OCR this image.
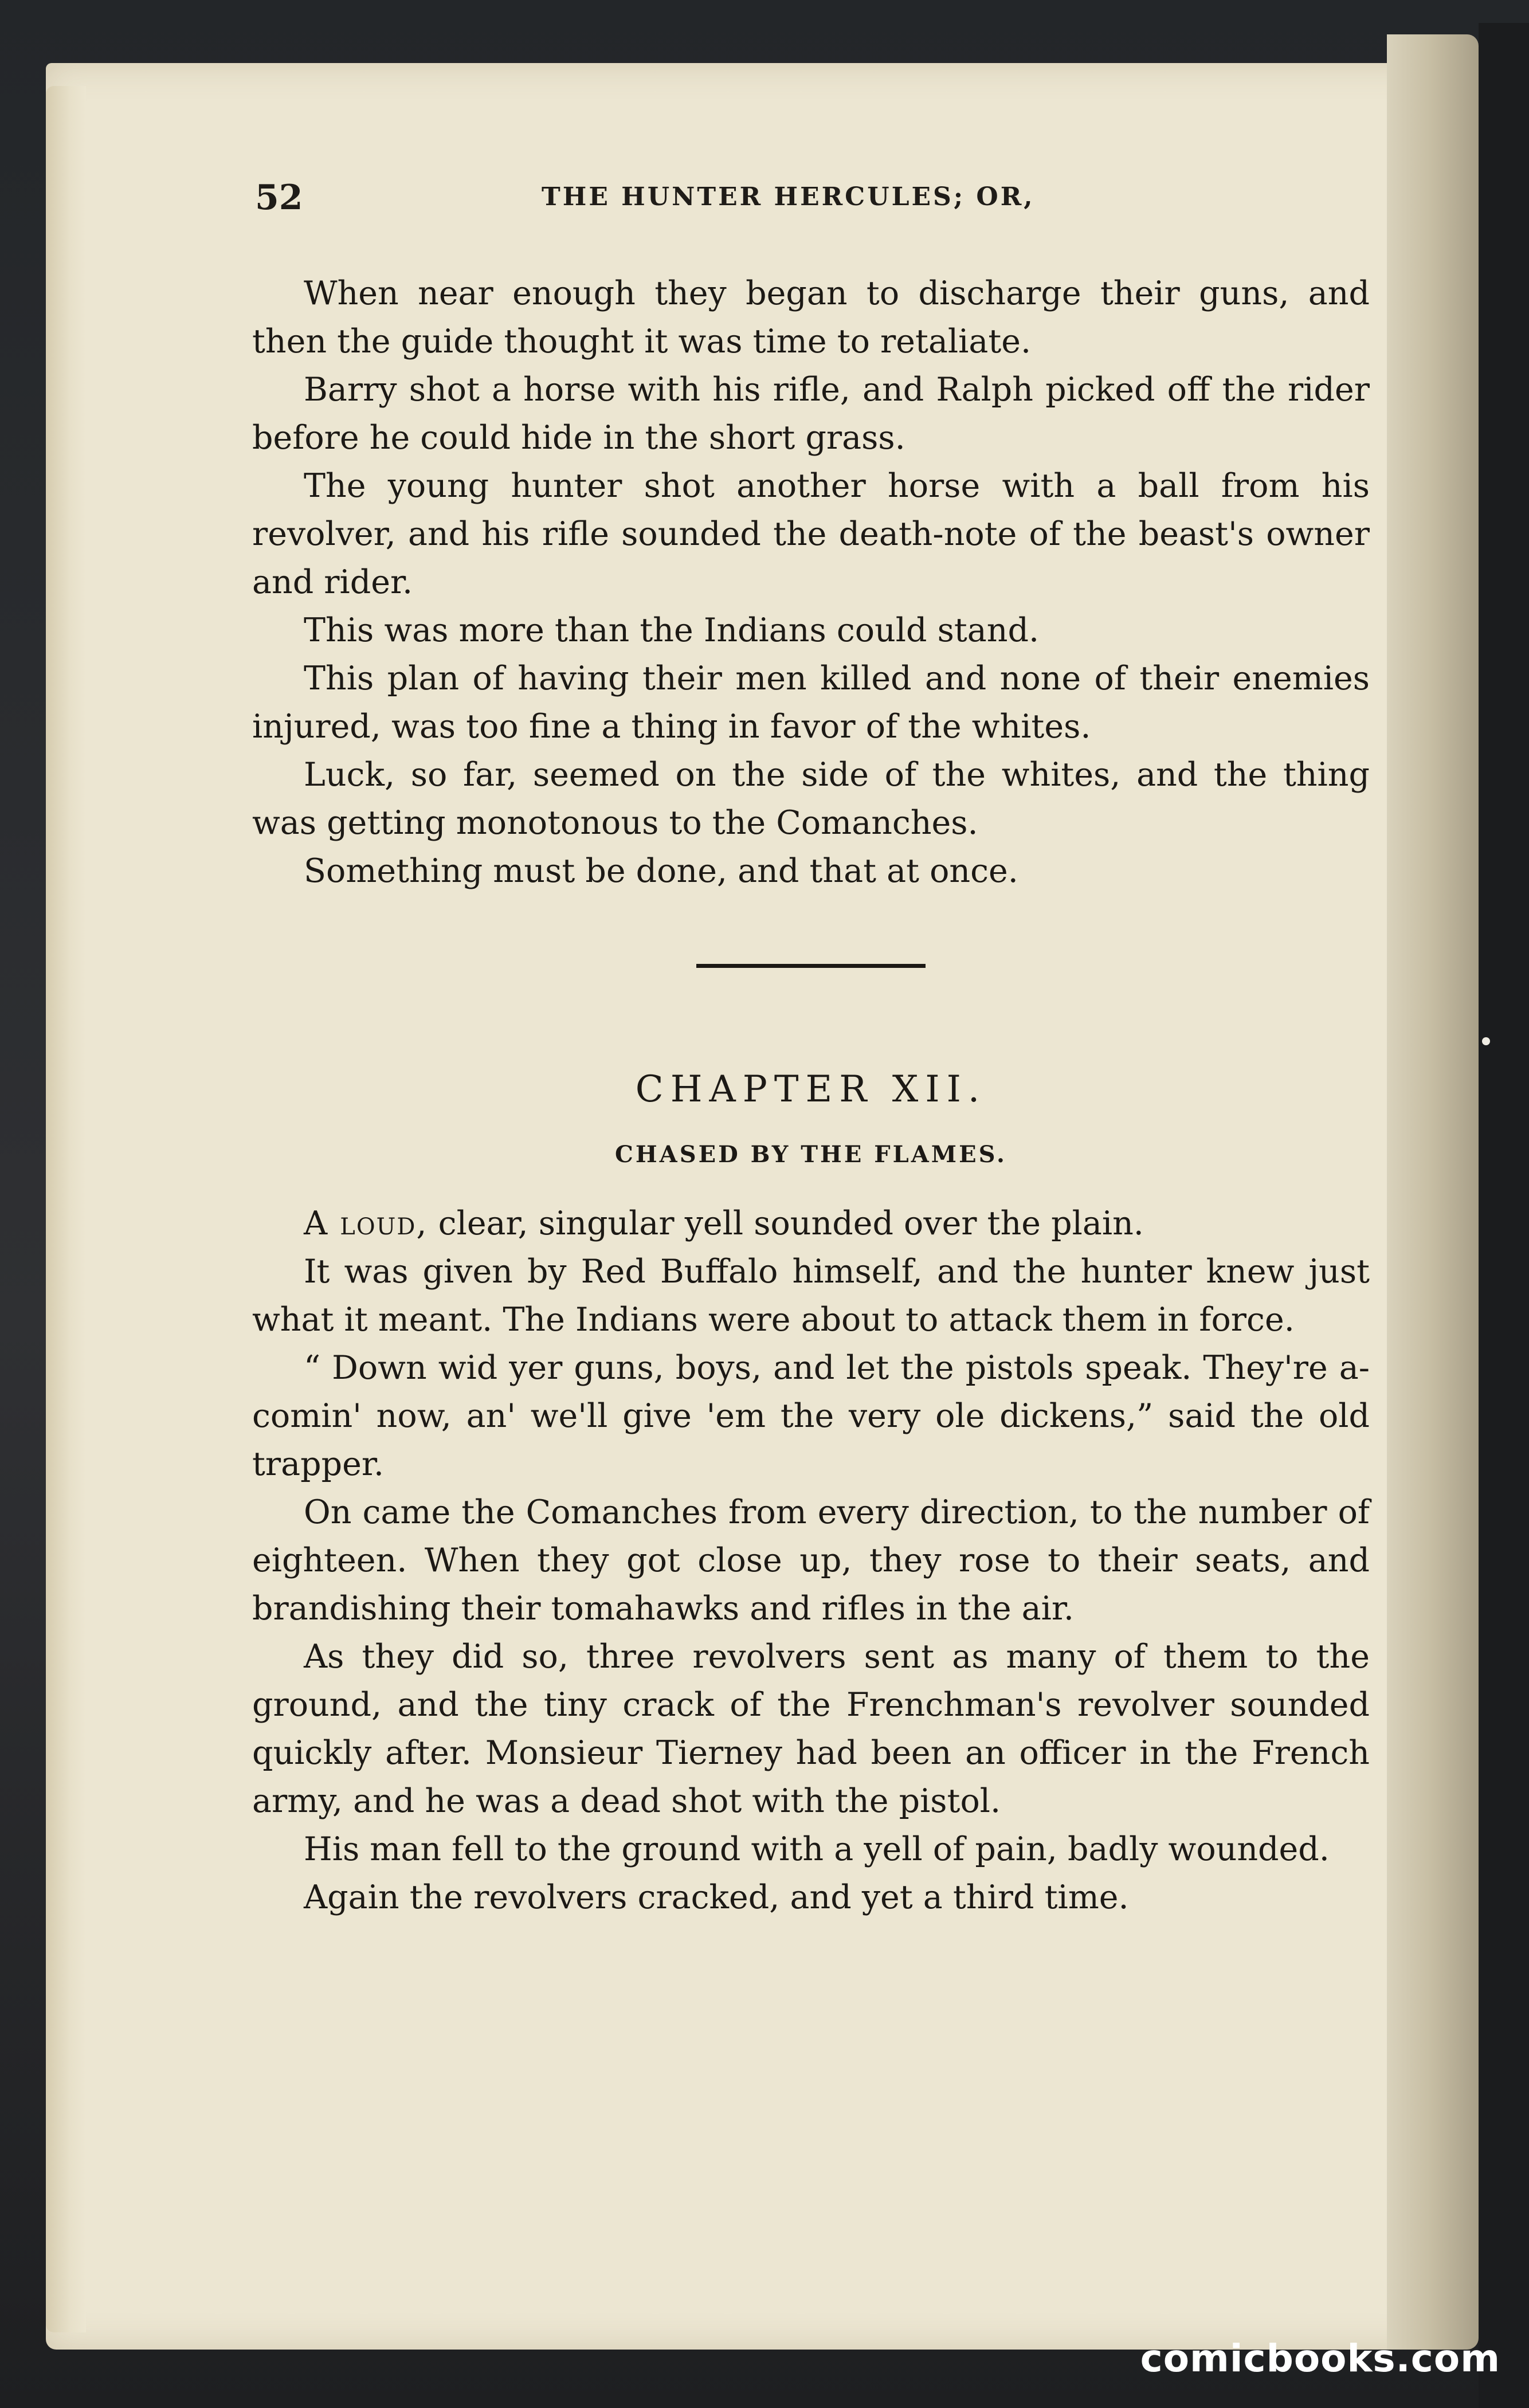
52	THE HUNTER HERCULES; OR,

When near enough they began to discharge their guns, and then the guide thought it was time to retaliate.

Barry shot a horse with his rifle, and Ralph picked off the rider before he could hide in the short grass.

The young hunter shot another horse with a ball from his revolver, and his rifle sounded the death-note of the beast's owner and rider.

This was more than the Indians could stand.

This plan of having their men killed and none of their enemies injured, was too fine a thing in favor of the whites.

Luck, so far, seemed on the side of the whites, and the thing was getting monotonous to the Comanches.

Something must be done, and that at once.

CHAPTER XII.
CHASED BY THE FLAMES.

A loud, clear, singular yell sounded over the plain.

It was given by Red Buffalo himself, and the hunter knew just what it meant. The Indians were about to attack them in force.

“ Down wid yer guns, boys, and let the pistols speak. They're a-comin' now, an' we'll give 'em the very ole dickens,” said the old trapper.

On came the Comanches from every direction, to the number of eighteen. When they got close up, they rose to their seats, and brandishing their tomahawks and rifles in the air.

As they did so, three revolvers sent as many of them to the ground, and the tiny crack of the Frenchman's revolver sounded quickly after. Monsieur Tierney had been an officer in the French army, and he was a dead shot with the pistol.

His man fell to the ground with a yell of pain, badly wounded.

Again the revolvers cracked, and yet a third time.

comicbooks.com
